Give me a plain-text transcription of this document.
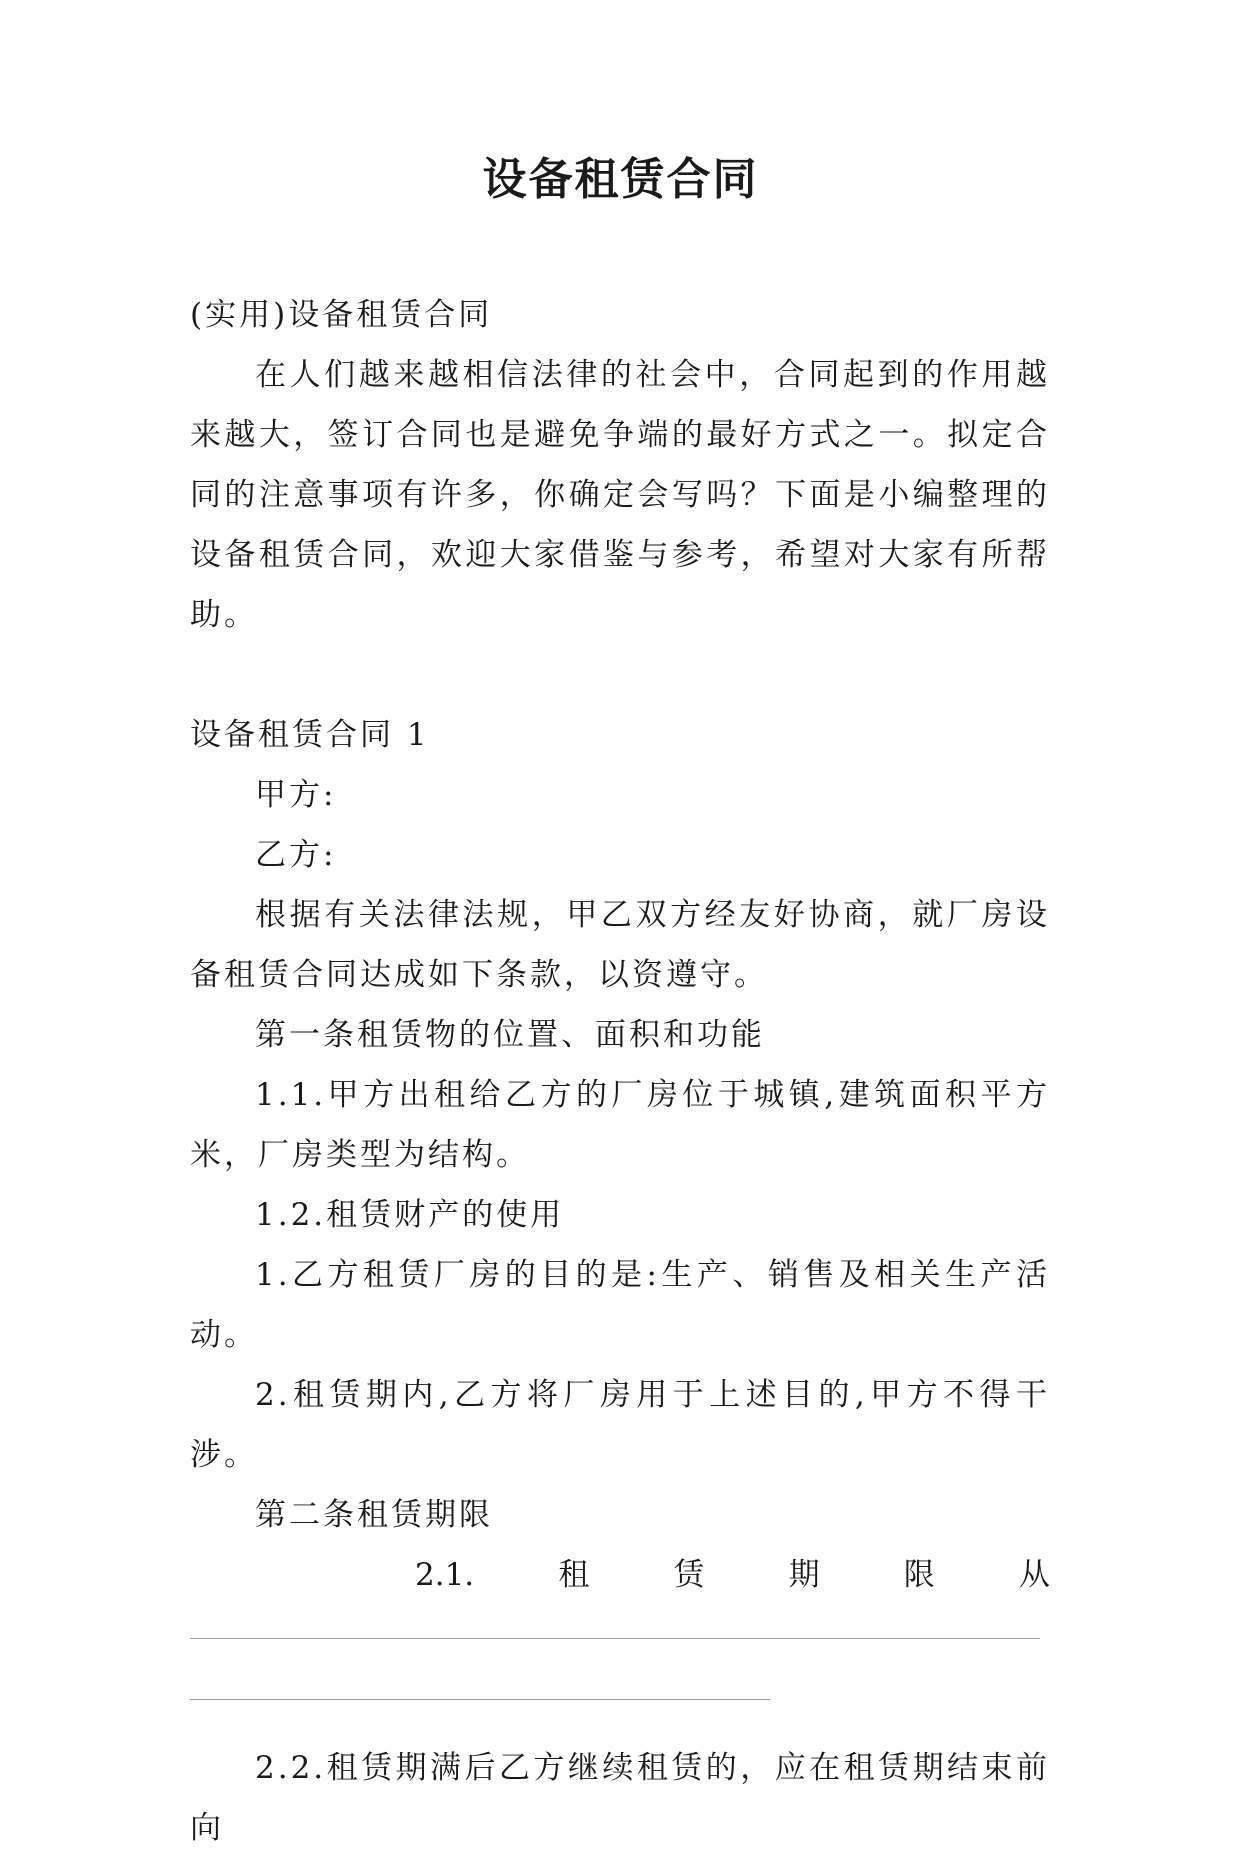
设备租赁合同

(实用)设备租赁合同

在人们越来越相信法律的社会中，合同起到的作用越来越大，签订合同也是避免争端的最好方式之一。拟定合同的注意事项有许多，你确定会写吗？下面是小编整理的设备租赁合同，欢迎大家借鉴与参考，希望对大家有所帮助。

设备租赁合同 1

甲方:

乙方:

根据有关法律法规，甲乙双方经友好协商，就厂房设备租赁合同达成如下条款，以资遵守。

第一条租赁物的位置、面积和功能

1.1.甲方出租给乙方的厂房位于城镇,建筑面积平方米，厂房类型为结构。

1.2.租赁财产的使用

1.乙方租赁厂房的目的是:生产、销售及相关生产活动。

2.租赁期内,乙方将厂房用于上述目的,甲方不得干涉。

第二条租赁期限

2.1.	租	赁	期	限	从

2.2.租赁期满后乙方继续租赁的，应在租赁期结束前向
